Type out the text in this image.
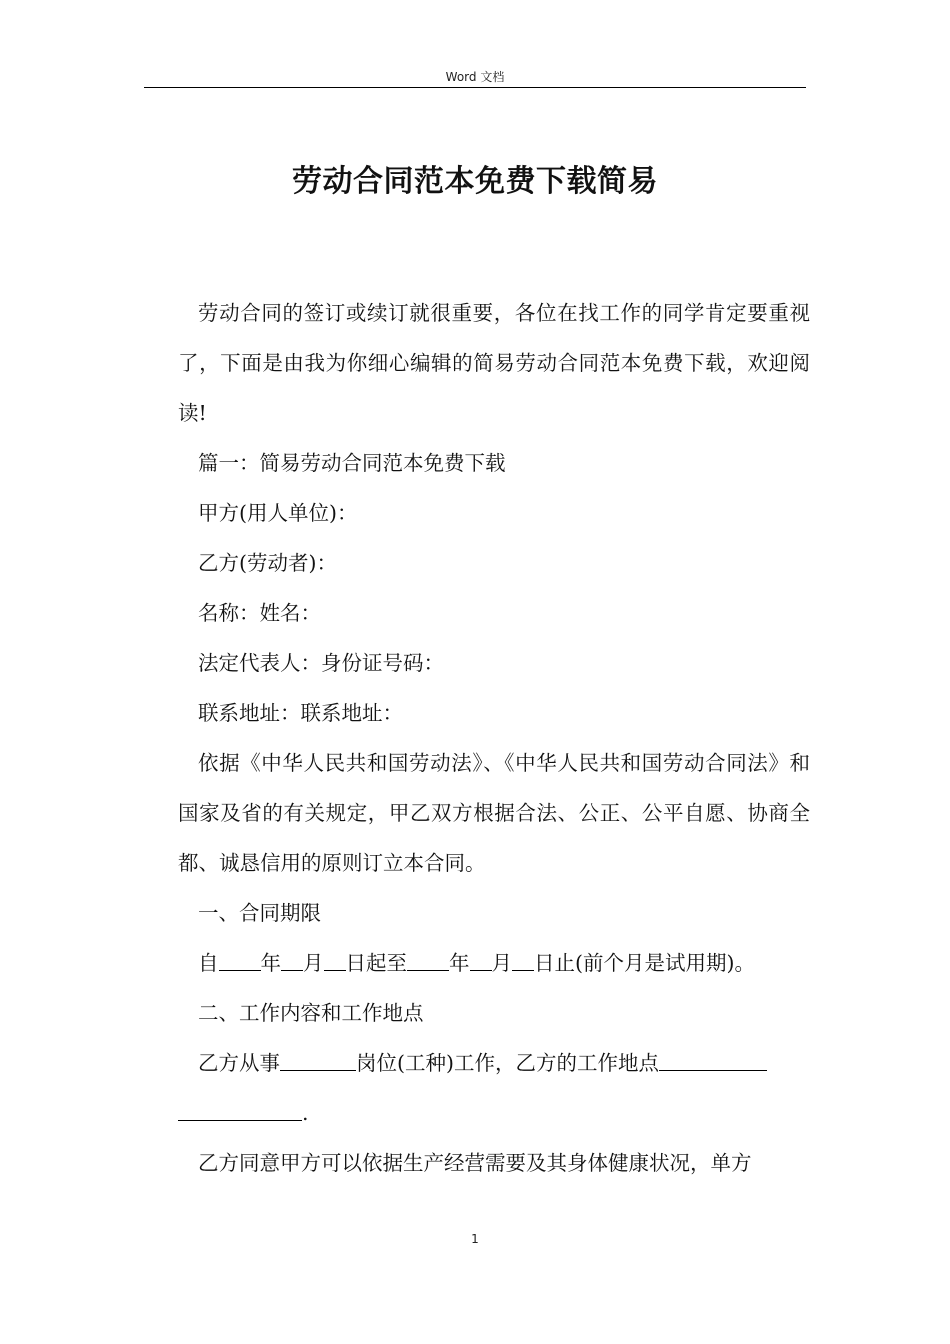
Word 文档
劳动合同范本免费下载简易

劳动合同的签订或续订就很重要，各位在找工作的同学肯定要重视了，下面是由我为你细心编辑的简易劳动合同范本免费下载，欢迎阅读!

篇一：简易劳动合同范本免费下载

甲方(用人单位)：

乙方(劳动者)：

名称：姓名：

法定代表人：身份证号码：

联系地址：联系地址：

依据《中华人民共和国劳动法》、《中华人民共和国劳动合同法》和国家及省的有关规定，甲乙双方根据合法、公正、公平自愿、协商全都、诚恳信用的原则订立本合同。

一、合同期限

自 年 月 日起至 年 月 日止(前个月是试用期)。

二、工作内容和工作地点

乙方从事	岗位(工种)工作，乙方的工作地点

.

乙方同意甲方可以依据生产经营需要及其身体健康状况，单方

1
